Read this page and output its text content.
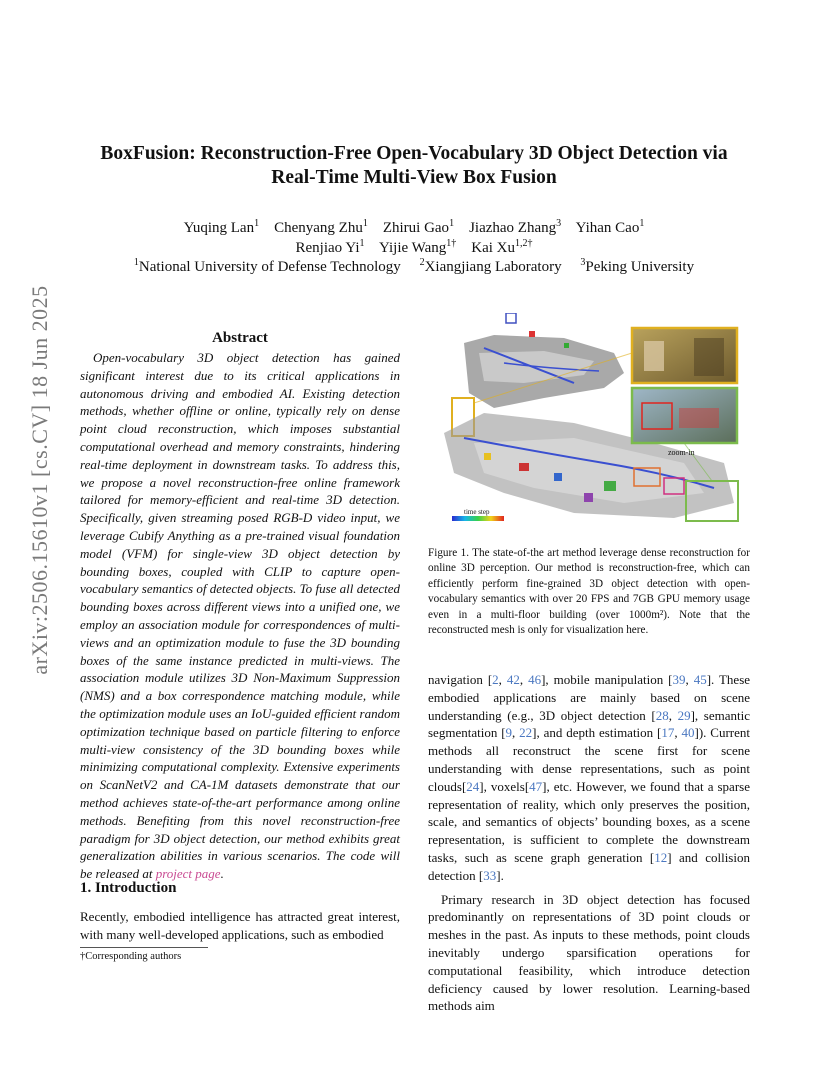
arXiv:2506.15610v1 [cs.CV] 18 Jun 2025
BoxFusion: Reconstruction-Free Open-Vocabulary 3D Object Detection via
Real-Time Multi-View Box Fusion
Yuqing Lan$^1$ Chenyang Zhu$^1$ Zhirui Gao$^1$ Jiazhao Zhang$^3$ Yihan Cao$^1$
Renjiao Yi$^1$ Yijie Wang$^{1\dagger}$ Kai $Xu^{1,2\dagger}$
$^1$National University of Defense Technology $^2$Xiangjiang Laboratory $^3$Peking University
Abstract

Open-vocabulary 3D object detection has gained significant interest due to its critical applications in autonomous driving and embodied AI. Existing detection methods, whether offline or online, typically rely on dense point cloud reconstruction, which imposes substantial computational overhead and memory constraints, hindering real-time deployment in downstream tasks. To address this, we propose a novel reconstruction-free online framework tailored for memory-efficient and real-time 3D detection. Specifically, given streaming posed RGB-D video input, we leverage Cubify Anything as a pre-trained visual foundation model (VFM) for single-view 3D object detection by bounding boxes, coupled with CLIP to capture open-vocabulary semantics of detected objects. To fuse all detected bounding boxes across different views into a unified one, we employ an association module for correspondences of multi-views and an optimization module to fuse the 3D bounding boxes of the same instance predicted in multi-views. The association module utilizes 3D Non-Maximum Suppression (NMS) and a box correspondence matching module, while the optimization module uses an IoU-guided efficient random optimization technique based on particle filtering to enforce multi-view consistency of the 3D bounding boxes while minimizing computational complexity. Extensive experiments on ScanNetV2 and CA-1M datasets demonstrate that our method achieves state-of-the-art performance among online methods. Benefiting from this novel reconstruction-free paradigm for 3D object detection, our method exhibits great generalization abilities in various scenarios. The code will be released at project page.

1. Introduction

Recently, embodied intelligence has attracted great interest, with many well-developed applications, such as embodied

†Corresponding authors
zoom-in
time step

Figure 1. The state-of-the art method leverage dense reconstruction for online 3D perception. Our method is reconstruction-free, which can efficiently perform fine-grained 3D object detection with open-vocabulary semantics with over 20 FPS and 7GB GPU memory usage even in a multi-floor building (over 1000m²). Note that the reconstructed mesh is only for visualization here.

navigation [2, 42, 46], mobile manipulation [39, 45]. These embodied applications are mainly based on scene understanding (e.g., 3D object detection [28, 29], semantic segmentation [9, 22], and depth estimation [17, 40]). Current methods all reconstruct the scene first for scene understanding with dense representations, such as point clouds[24], voxels[47], etc. However, we found that a sparse representation of reality, which only preserves the position, scale, and semantics of objects’ bounding boxes, as a scene representation, is sufficient to complete the downstream tasks, such as scene graph generation [12] and collision detection [33].

Primary research in 3D object detection has focused predominantly on representations of 3D point clouds or meshes in the past. As inputs to these methods, point clouds inevitably undergo sparsification operations for computational feasibility, which introduce detection deficiency caused by lower resolution. Learning-based methods aim
